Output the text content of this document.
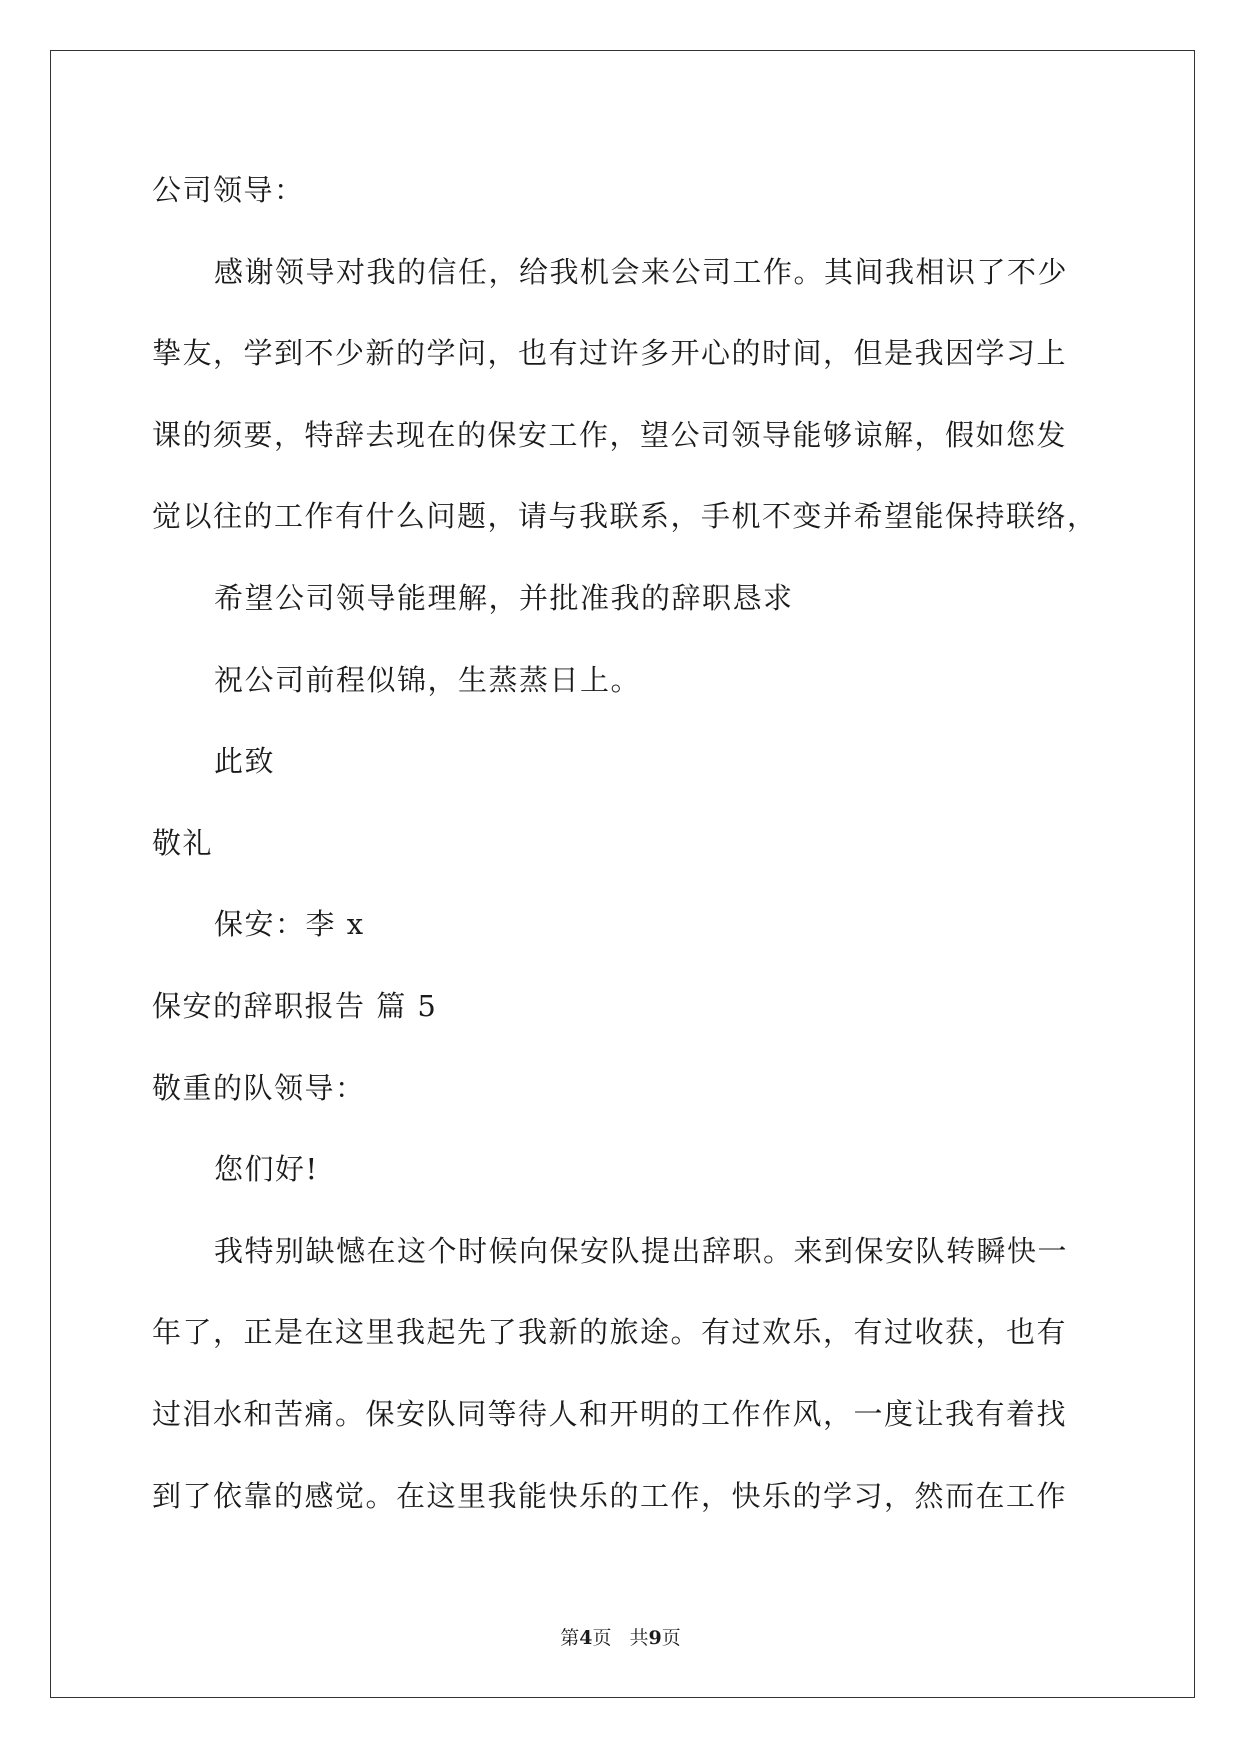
公司领导：
感谢领导对我的信任，给我机会来公司工作。其间我相识了不少
挚友，学到不少新的学问，也有过许多开心的时间，但是我因学习上
课的须要，特辞去现在的保安工作，望公司领导能够谅解，假如您发
觉以往的工作有什么问题，请与我联系，手机不变并希望能保持联络，
希望公司领导能理解，并批准我的辞职恳求
祝公司前程似锦，生蒸蒸日上。
此致
敬礼
保安：李 x
保安的辞职报告 篇 5
敬重的队领导：
您们好!
我特别缺憾在这个时候向保安队提出辞职。来到保安队转瞬快一
年了，正是在这里我起先了我新的旅途。有过欢乐，有过收获，也有
过泪水和苦痛。保安队同等待人和开明的工作作风，一度让我有着找
到了依靠的感觉。在这里我能快乐的工作，快乐的学习，然而在工作
第4页 共9页
